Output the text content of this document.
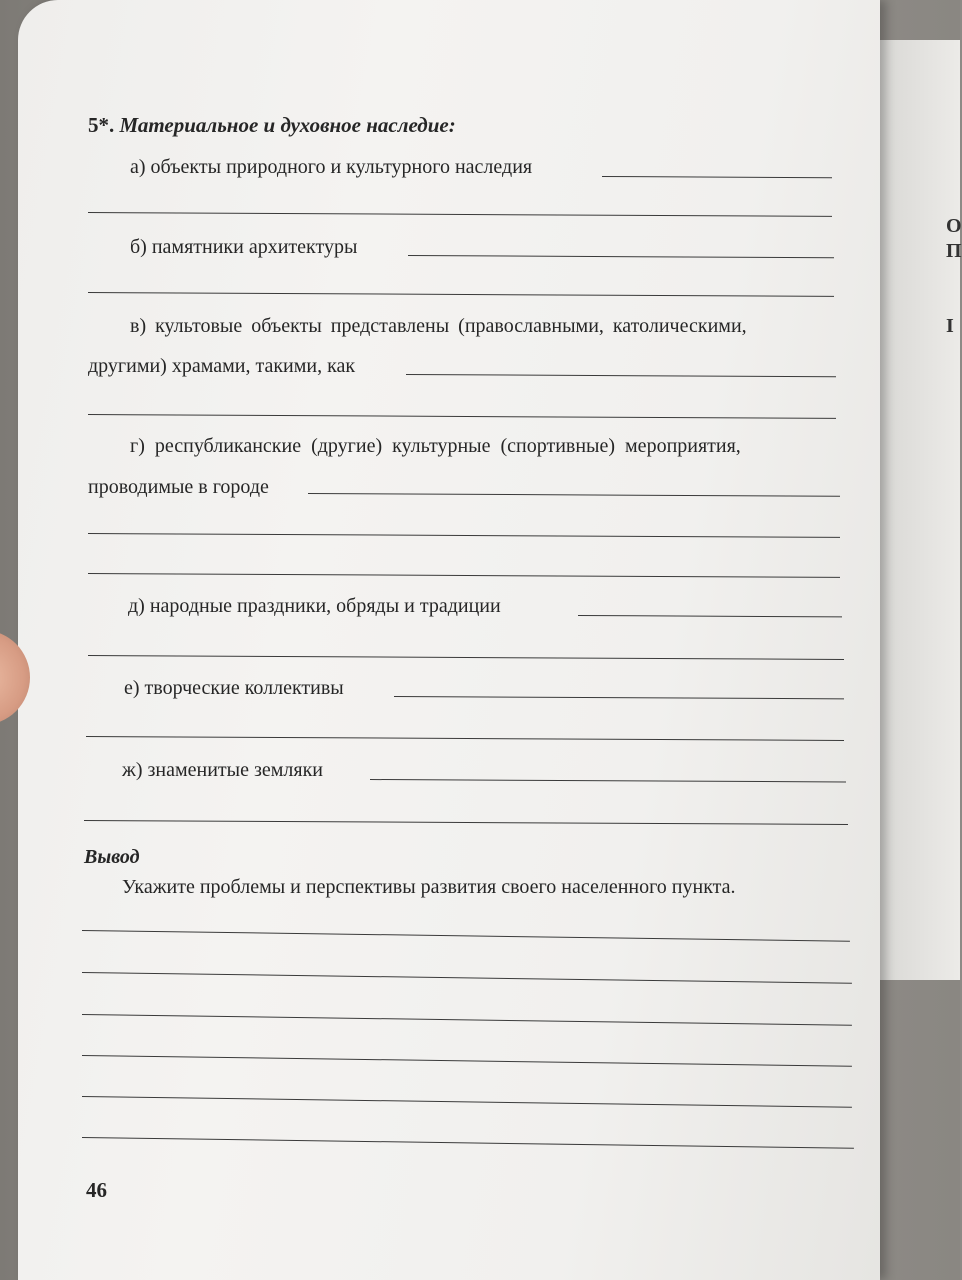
О
П
І
5*. Материальное и духовное наследие:
а) объекты природного и культурного наследия
б) памятники архитектуры
в) культовые объекты представлены (православными, католическими,
другими) храмами, такими, как
г) республиканские (другие) культурные (спортивные) мероприятия,
проводимые в городе
д) народные праздники, обряды и традиции
е) творческие коллективы
ж) знаменитые земляки
Вывод
Укажите проблемы и перспективы развития своего населенного пункта.
46
